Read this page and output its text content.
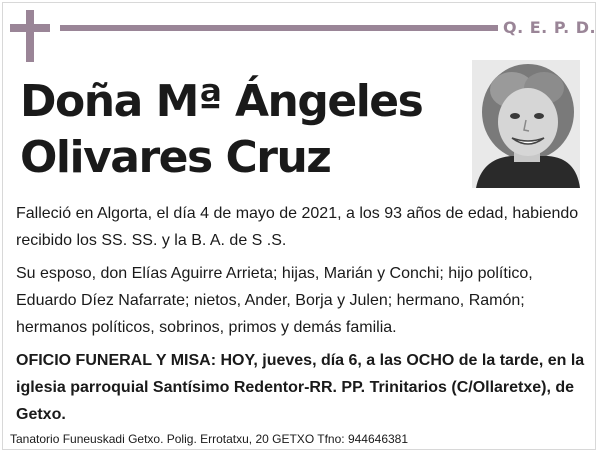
Q. E. P. D.
Doña Mª Ángeles
Olivares Cruz

Falleció en Algorta, el día 4 de mayo de 2021, a los 93 años de edad, habiendo recibido los SS. SS. y la B. A. de S .S.

Su esposo, don Elías Aguirre Arrieta; hijas, Marián y Conchi; hijo político, Eduardo Díez Nafarrate; nietos, Ander, Borja y Julen; hermano, Ramón; hermanos políticos, sobrinos, primos y demás familia.

OFICIO FUNERAL Y MISA: HOY, jueves, día 6, a las OCHO de la tarde, en la iglesia parroquial Santísimo Redentor-RR. PP. Trinitarios (C/Ollaretxe), de Getxo.

Tanatorio Funeuskadi Getxo. Polig. Errotatxu, 20 GETXO Tfno: 944646381
